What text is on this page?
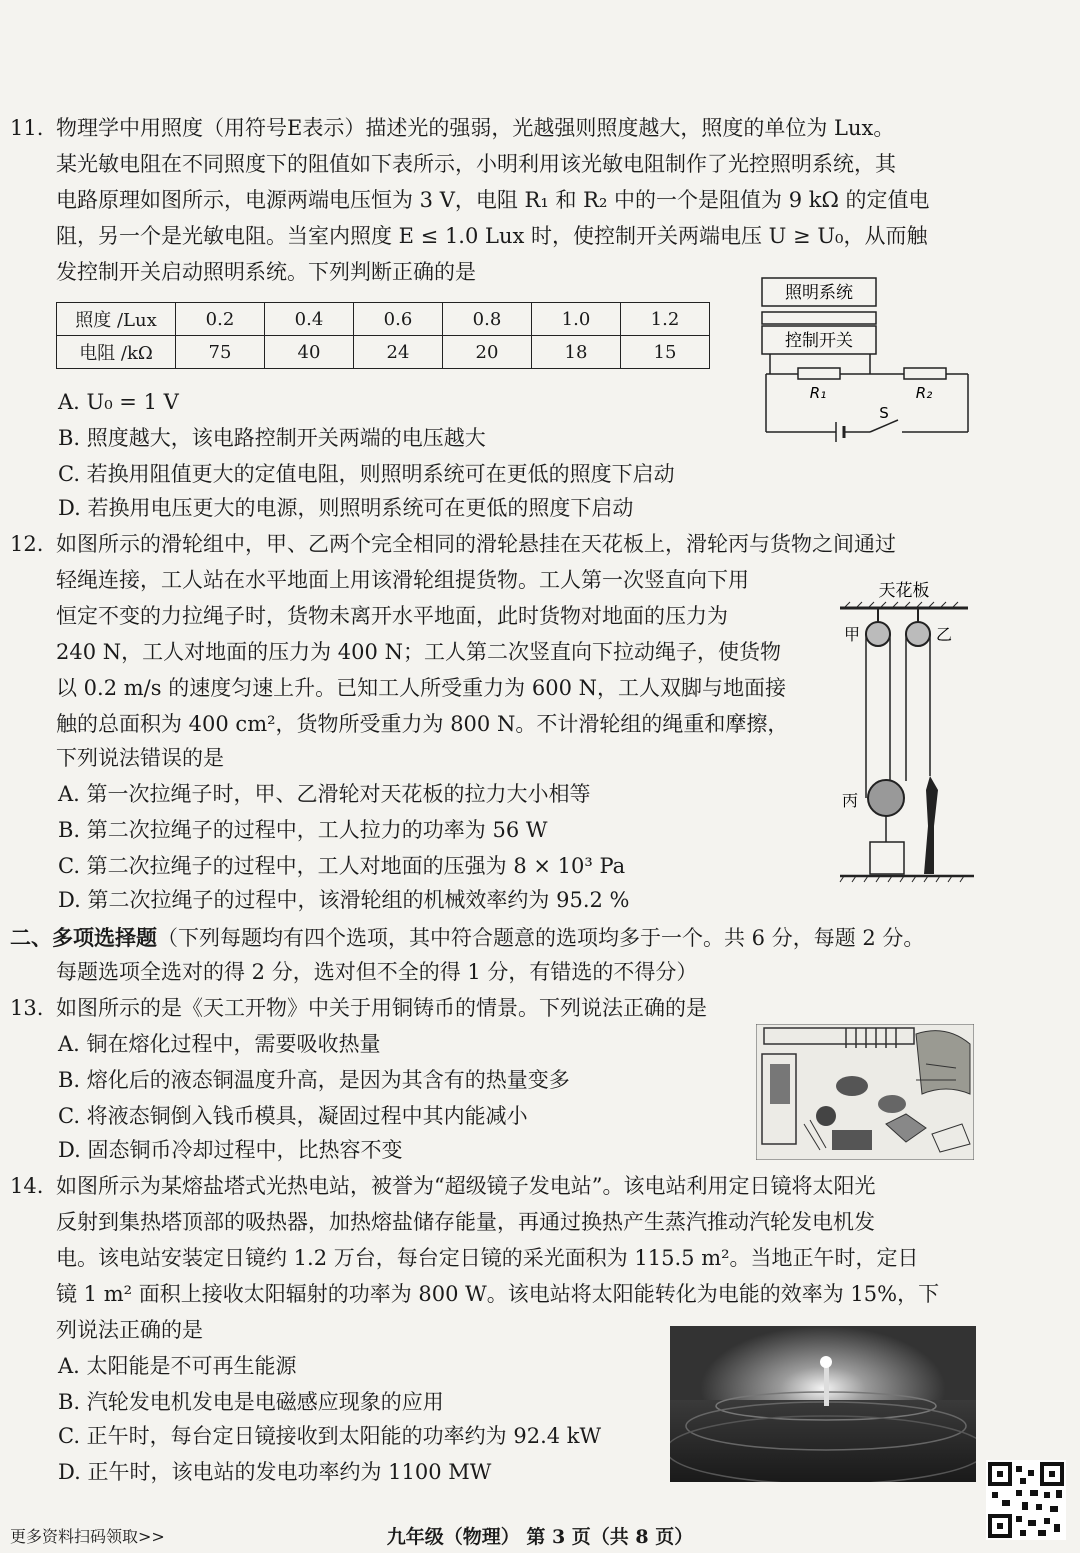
11. 物理学中用照度（用符号E表示）描述光的强弱，光越强则照度越大，照度的单位为 Lux。
某光敏电阻在不同照度下的阻值如下表所示，小明利用该光敏电阻制作了光控照明系统，其
电路原理如图所示，电源两端电压恒为 3 V，电阻 R₁ 和 R₂ 中的一个是阻值为 9 kΩ 的定值电
阻，另一个是光敏电阻。当室内照度 E ≤ 1.0 Lux 时，使控制开关两端电压 U ≥ U₀，从而触
发控制开关启动照明系统。下列判断正确的是
照度 /Lux	0.2	0.4	0.6	0.8	1.0	1.2
电阻 /kΩ	75	40	24	20	18	15
A. U₀ = 1 V
B. 照度越大，该电路控制开关两端的电压越大
C. 若换用阻值更大的定值电阻，则照明系统可在更低的照度下启动
D. 若换用电压更大的电源，则照明系统可在更低的照度下启动
照明系统
控制开关
R₁	R₂
S
12. 如图所示的滑轮组中，甲、乙两个完全相同的滑轮悬挂在天花板上，滑轮丙与货物之间通过
轻绳连接，工人站在水平地面上用该滑轮组提货物。工人第一次竖直向下用
恒定不变的力拉绳子时，货物未离开水平地面，此时货物对地面的压力为
240 N，工人对地面的压力为 400 N；工人第二次竖直向下拉动绳子，使货物
以 0.2 m/s 的速度匀速上升。已知工人所受重力为 600 N，工人双脚与地面接
触的总面积为 400 cm²，货物所受重力为 800 N。不计滑轮组的绳重和摩擦，
下列说法错误的是
A. 第一次拉绳子时，甲、乙滑轮对天花板的拉力大小相等
B. 第二次拉绳子的过程中，工人拉力的功率为 56 W
C. 第二次拉绳子的过程中，工人对地面的压强为 8 × 10³ Pa
D. 第二次拉绳子的过程中，该滑轮组的机械效率约为 95.2 %
天花板
甲	乙
丙
二、多项选择题（下列每题均有四个选项，其中符合题意的选项均多于一个。共 6 分，每题 2 分。
每题选项全选对的得 2 分，选对但不全的得 1 分，有错选的不得分）
13. 如图所示的是《天工开物》中关于用铜铸币的情景。下列说法正确的是
A. 铜在熔化过程中，需要吸收热量
B. 熔化后的液态铜温度升高，是因为其含有的热量变多
C. 将液态铜倒入钱币模具，凝固过程中其内能减小
D. 固态铜币冷却过程中，比热容不变
14. 如图所示为某熔盐塔式光热电站，被誉为“超级镜子发电站”。该电站利用定日镜将太阳光
反射到集热塔顶部的吸热器，加热熔盐储存能量，再通过换热产生蒸汽推动汽轮发电机发
电。该电站安装定日镜约 1.2 万台，每台定日镜的采光面积为 115.5 m²。当地正午时，定日
镜 1 m² 面积上接收太阳辐射的功率为 800 W。该电站将太阳能转化为电能的效率为 15%，下
列说法正确的是
A. 太阳能是不可再生能源
B. 汽轮发电机发电是电磁感应现象的应用
C. 正午时，每台定日镜接收到太阳能的功率约为 92.4 kW
D. 正午时，该电站的发电功率约为 1100 MW
更多资料扫码领取>>	九年级（物理） 第 3 页（共 8 页）
